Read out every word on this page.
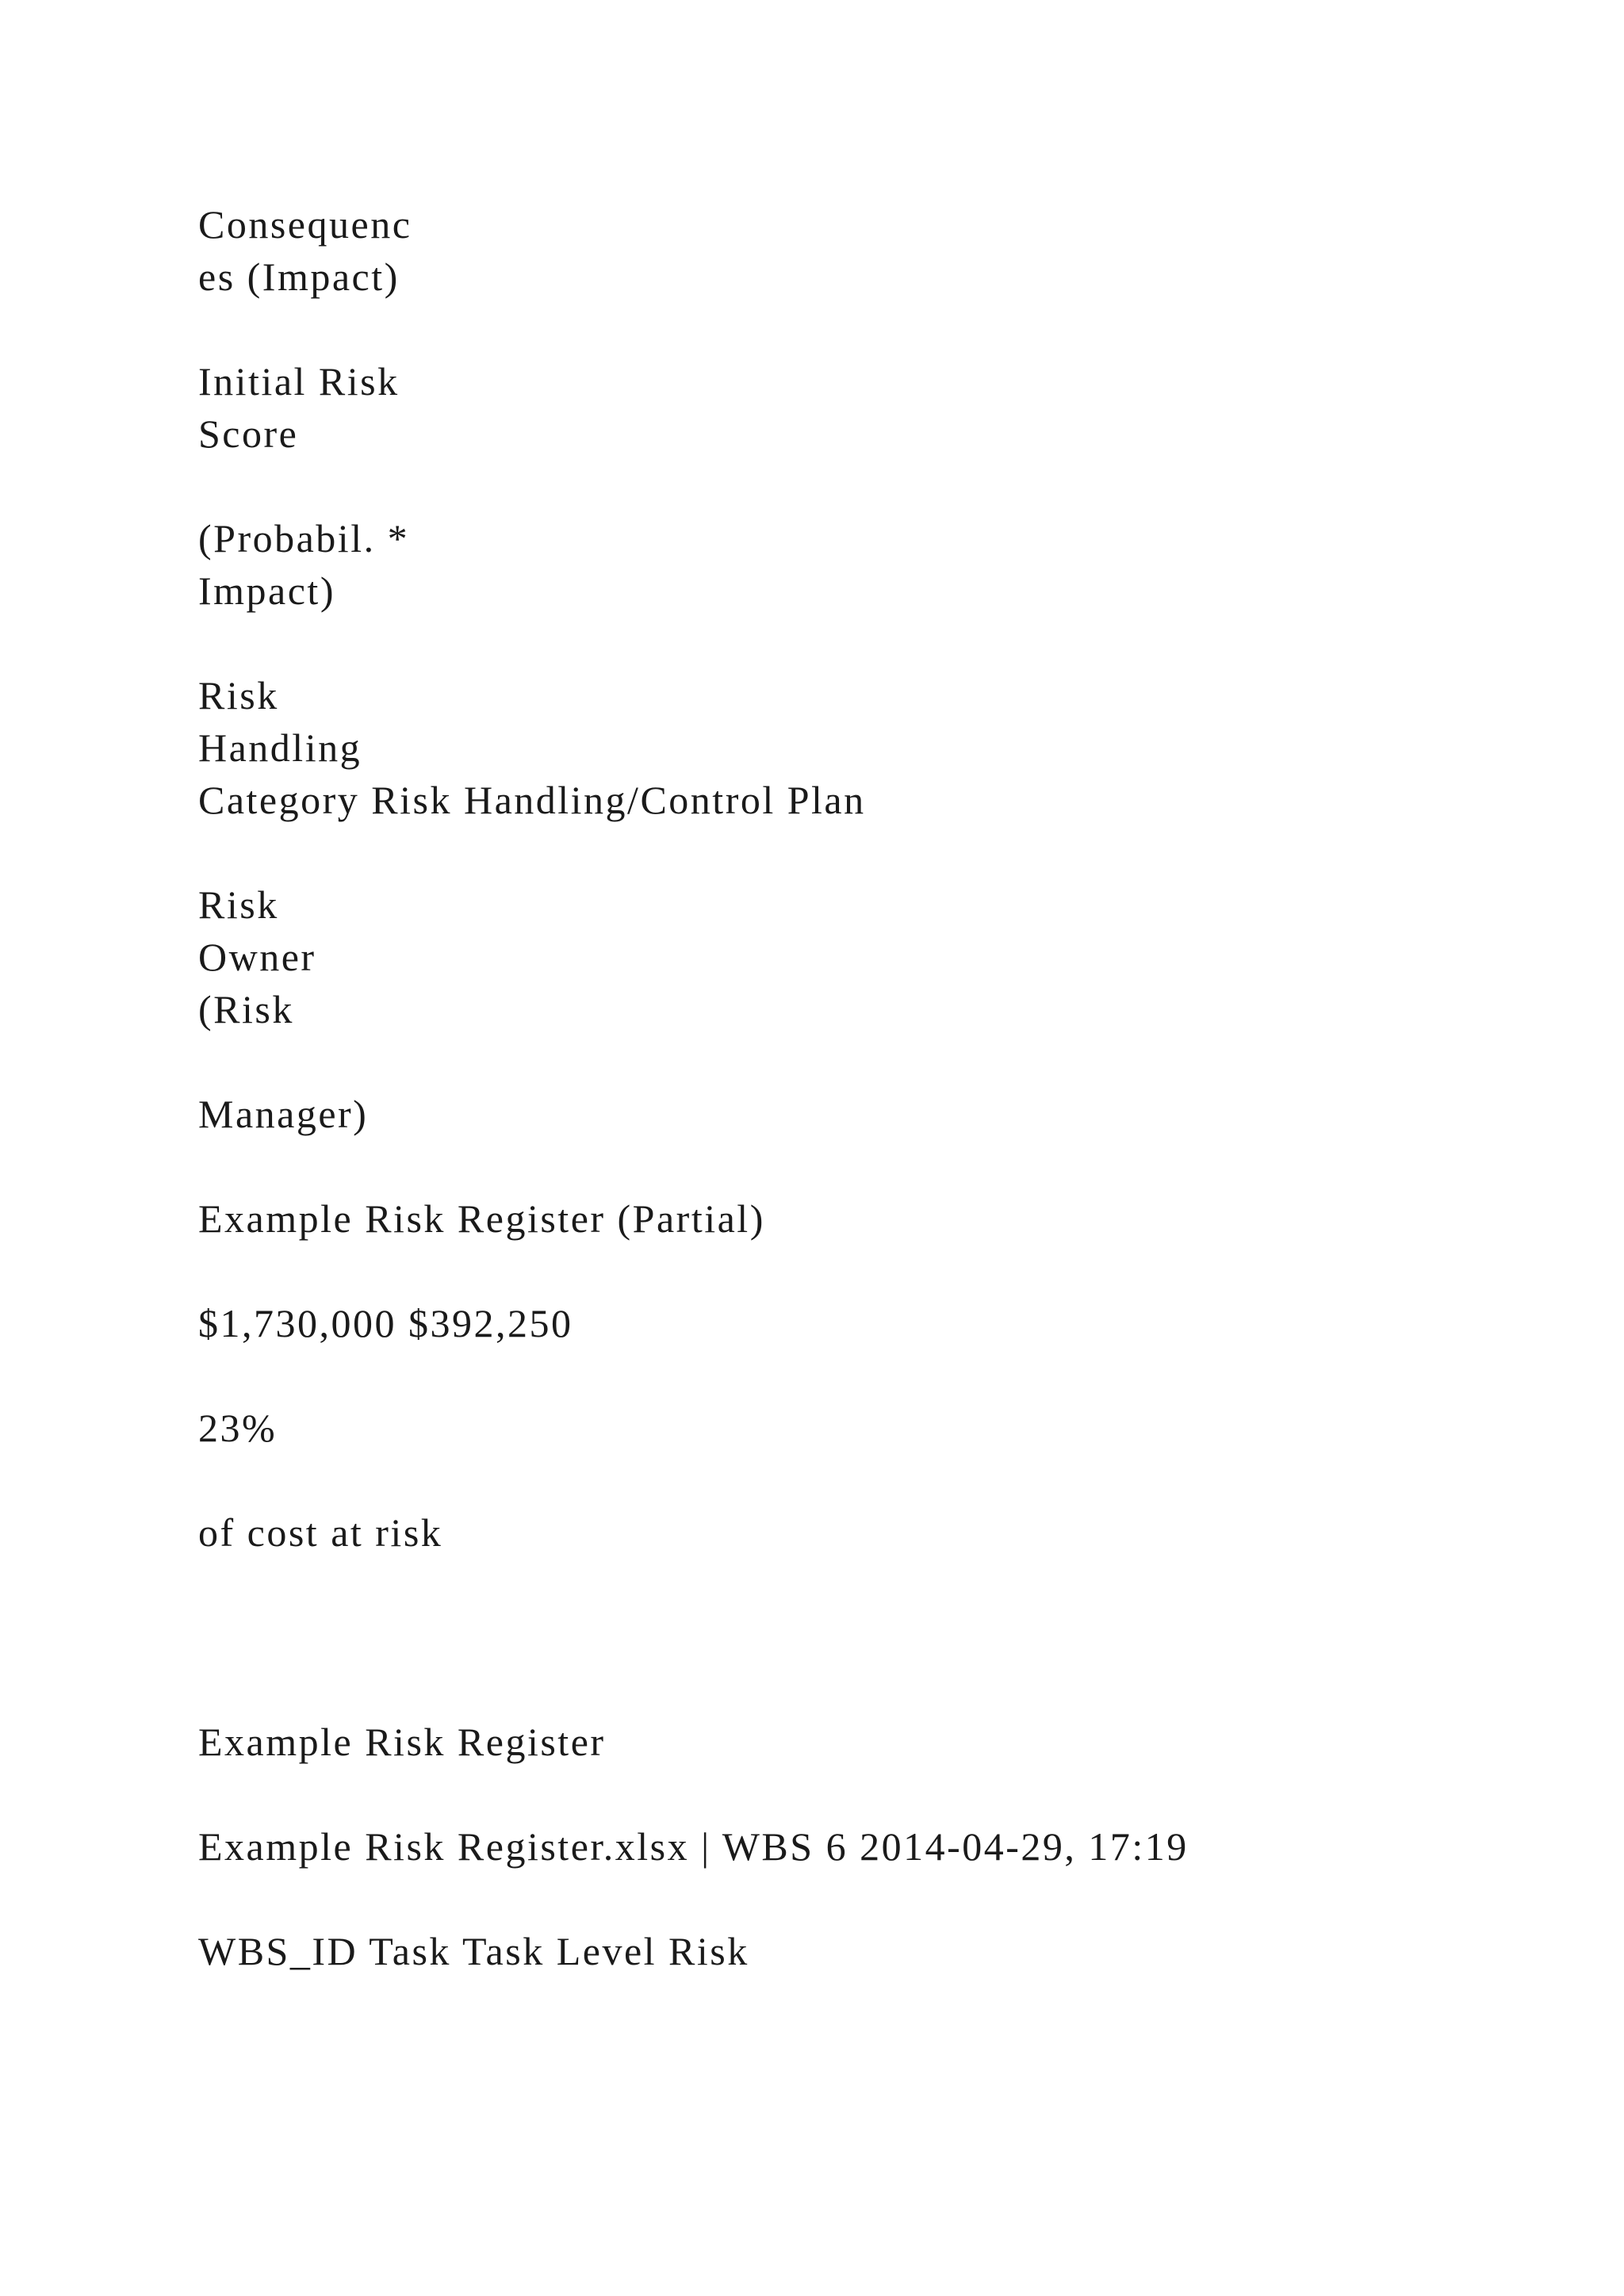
Consequenc

es (Impact)

Initial Risk

Score

(Probabil. *

Impact)

Risk

Handling

Category Risk Handling/Control Plan

Risk

Owner

(Risk

Manager)

Example Risk Register (Partial)

$1,730,000 $392,250

23%

of cost at risk

Example Risk Register

Example Risk Register.xlsx | WBS 6 2014-04-29, 17:19

WBS_ID Task Task Level Risk
